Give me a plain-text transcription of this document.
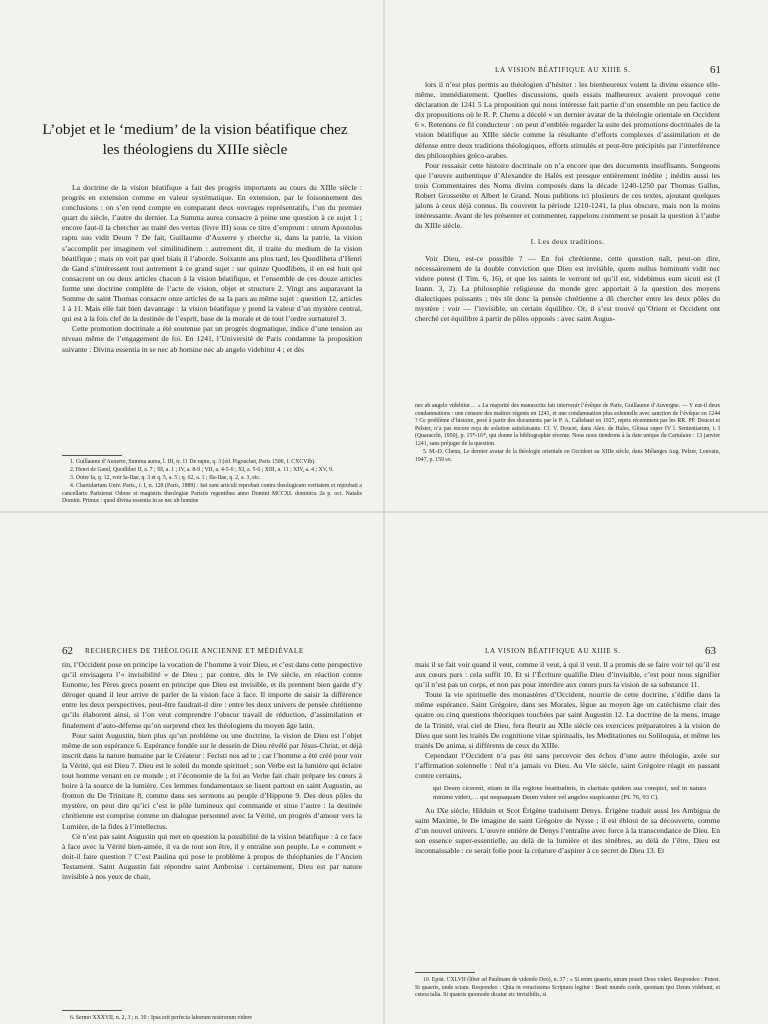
L’objet et le ‘medium’ de la vision béatifique chez les théologiens du XIIIe siècle

La doctrine de la vision béatifique a fait des progrès importants au cours du XIIIe siècle : progrès en extension comme en valeur systématique. En extension, par le foisonnement des conclusions : on s’en rend compte en comparant deux ouvrages représentatifs, l’un du premier quart du siècle, l’autre du dernier. La Summa aurea consacre à peine une question à ce sujet 1 ; encore faut-il la chercher au traité des vertus (livre III) sous ce titre d’emprunt : utrum Apostolus raptu suo vidit Deum ? De fait, Guillaume d’Auxerre y cherche si, dans la patrie, la vision s’accomplit per imaginem vel similitudinem : autrement dit, il traite du medium de la vision béatifique ; mais on voit par quel biais il l’aborde. Soixante ans plus tard, les Quodlibeta d’Henri de Gand s’intéressent tout autrement à ce grand sujet : sur quinze Quodlibets, il en est huit qui consacrent un ou deux articles chacun à la vision béatifique, et l’ensemble de ces douze articles forme une doctrine complète de l’acte de vision, objet et structure 2. Vingt ans auparavant la Somme de saint Thomas consacre onze articles de sa Ia pars au même sujet : question 12, articles 1 à 11. Mais elle fait bien davantage : la vision béatifique y prend la valeur d’un mystère central, qui est à la fois clef de la destinée de l’esprit, base de la morale et de tout l’ordre surnaturel 3.

Cette promotion doctrinale a été soutenue par un progrès dogmatique, indice d’une tension au niveau même de l’engagement de foi. En 1241, l’Université de Paris condamne la proposition suivante : Divina essentia in se nec ab homine nec ab angelo videbitur 4 ; et dès

1. Guillaume d’Auxerre, Summa aurea, l. III, tr. 11 De raptu, q. 3 (éd. Pigouchet, Paris 1500, f. CXCVIb).

2. Henri de Gand, Quodlibet II, a. 7 ; III, a. 1 ; IV, a. 8-9 ; VII, a. 4-5-6 ; XI, a. 5-6 ; XIII, a. 11 ; XIV, a. 4 ; XV, 9.

3. Outre Ia, q. 12, voir Ia-IIae, q. 3 et q. 5, a. 5 ; q. 62, a. 1 ; IIa-IIae, q. 2, a. 3, etc.

4. Chartularium Univ. Paris., t. I, n. 128 (Paris, 1889) : Isti sunt articuli reprobati contra theologicam veritatem et reprobati a cancellario Parisiensi Odone et magistris theologiae Parisiis regentibus anno Domini MCCXL dominica 2a p. oct. Natalis Domini. Primus : quod divina essentia in se nec ab homine

LA VISION BÉATIFIQUE AU XIIIE S.	61

lors il n’est plus permis au théologien d’hésiter : les bienheureux voient la divine essence elle-même, immédiatement. Quelles discussions, quels essais malheureux avaient provoqué cette déclaration de 1241 5 La proposition qui nous intéresse fait partie d’un ensemble un peu factice de dix propositions où le R. P. Chenu a décelé « un dernier avatar de la théologie orientale en Occident 6 ». Retenons ce fil conducteur : on peut d’emblée regarder la suite des promotions doctrinales de la vision béatifique au XIIIe siècle comme la résultante d’efforts complexes d’assimilation et de défense entre deux traditions théologiques, efforts stimulés et peut-être précipités par l’interférence des philosophies gréco-arabes.

Pour ressaisir cette histoire doctrinale on n’a encore que des documents insuffisants. Songeons que l’œuvre authentique d’Alexandre de Halès est presque entièrement inédite ; inédits aussi les trois Commentaires des Noms divins composés dans la décade 1240-1250 par Thomas Gallus, Robert Grossetête et Albert le Grand. Nous publions ici plusieurs de ces textes, ajoutant quelques jalons à ceux déjà connus. Ils couvrent la période 1210-1241, la plus obscure, mais non la moins intéressante. Avant de les présenter et commenter, rappelons comment se posait la question à l’aube du XIIIe siècle.

I. Les deux traditions.

Voir Dieu, est-ce possible ? — En foi chrétienne, cette question naît, peut-on dire, nécessairement de la double conviction que Dieu est invisible, quem nullus hominum vidit nec videre potest (I Tim. 6, 16), et que les saints le verront tel qu’il est, videbimus eum sicuti est (I Ioann. 3, 2). La philosophie religieuse du monde grec apportait à la question des moyens dialectiques puissants ; très tôt donc la pensée chrétienne a dû chercher entre les deux pôles du mystère : voir — l’invisible, un certain équilibre. Or, il s’est trouvé qu’Orient et Occident ont cherché cet équilibre à partir de pôles opposés : avec saint Augus-

nec ab angelo videbitur… » La majorité des manuscrits fait intervenir l’évêque de Paris, Guillaume d’Auvergne. — Y eut-il deux condamnations : une censure des maîtres régents en 1241, et une condamnation plus solennelle avec sanction de l’évêque en 1244 ? Ce problème d’histoire, posé à partir des documents par le P. A. Callebaut en 1927, repris récemment par les RR. PP. Doucet et Pelster, n’a pas encore reçu de solution satisfaisante. Cf. V. Doucet, dans Alex. de Hales, Glossa super IV l. Sententiarum, t. I (Quaracchi, 1950), p. 15*-16*, qui donne la bibliographie récente. Nous nous tiendrons à la date unique du Cartulaire : 13 janvier 1241, sans préjuger de la question.

5. M.-D. Chenu, Le dernier avatar de la théologie orientale en Occident au XIIIe siècle, dans Mélanges Aug. Pelzer, Louvain, 1947, p. 159 sv.

62 RECHERCHES DE THÉOLOGIE ANCIENNE ET MÉDIÉVALE

tin, l’Occident pose en principe la vocation de l’homme à voir Dieu, et c’est dans cette perspective qu’il envisagera l’« invisibilité » de Dieu ; par contre, dès le IVe siècle, en réaction contre Eunome, les Pères grecs posent en principe que Dieu est invisible, et ils prennent bien garde d’y déroger quand il leur arrive de parler de la vision face à face. Il importe de saisir la différence entre les deux perspectives, peut-être faudrait-il dire : entre les deux univers de pensée chrétienne qu’ils élaborent ainsi, si l’on veut comprendre l’obscur travail de réduction, d’assimilation et finalement d’auto-défense qu’on surprend chez les théologiens du moyen âge latin.

Pour saint Augustin, bien plus qu’un problème ou une doctrine, la vision de Dieu est l’objet même de son espérance 6. Espérance fondée sur le dessein de Dieu révélé par Jésus-Christ, et déjà inscrit dans la nature humaine par le Créateur : Fecisti nos ad te ; car l’homme a été créé pour voir la Vérité, qui est Dieu 7. Dieu est le soleil du monde spirituel ; son Verbe est la lumière qui éclaire tout homme venant en ce monde ; et l’économie de la foi au Verbe fait chair prépare les cœurs à boire à la source de la lumière. Ces lemmes fondamentaux se lisent partout en saint Augustin, au fronton du De Trinitate 8, comme dans ses sermons au peuple d’Hippone 9. Des deux pôles du mystère, on peut dire qu’ici c’est le pôle lumineux qui commande et situe l’autre : la destinée chrétienne est comprise comme un dialogue personnel avec la Vérité, un progrès d’amour vers la Lumière, de la fides à l’intellectus.

Ce n’est pas saint Augustin qui met en question la possibilité de la vision béatifique : à ce face à face avec la Vérité bien-aimée, il va de tout son être, il y entraîne son peuple. Le « comment » doit-il faire question ? C’est Paulina qui pose le problème à propos de théophanies de l’Ancien Testament. Saint Augustin fait répondre saint Ambroise : certainement, Dieu est par nature invisible à nos yeux de chair,

6. Sermo XXXVII, n. 2, 3 ; n. 30 : Ipsa erit perfecta laborum nostrorum videre

LA VISION BÉATIFIQUE AU XIIIE S.	63

mais il se fait voir quand il veut, comme il veut, à qui il veut. Il a promis de se faire voir tel qu’il est aux cœurs purs : cela suffit 10. Et si l’Écriture qualifie Dieu d’invisible, c’est pour nous signifier qu’il n’est pas un corps, et non pas pour interdire aux cœurs purs la vision de sa substance 11.

Toute la vie spirituelle des monastères d’Occident, nourrie de cette doctrine, s’édifie dans la même espérance. Saint Grégoire, dans ses Morales, lègue au moyen âge un catéchisme clair des quatre ou cinq questions théoriques touchées par saint Augustin 12. La doctrine de la mens, image de la Trinité, vrai ciel de Dieu, fera fleurir au XIIe siècle ces exercices préparatoires à la vision de Dieu que sont les traités De cognitione vitae spiritualis, les Meditationes ou Soliloquia, et même les traités De anima, si différents de ceux du XIIIe.

Cependant l’Occident n’a pas été sans percevoir des échos d’une autre théologie, axée sur l’affirmation solennelle : Nul n’a jamais vu Dieu. Au VIe siècle, saint Grégoire réagit en passant contre certains,

qui Deum cicerent, etiam in illa regione beatitudinis, in claritate quidem sua conspici, sed in natura minime videri,… qui nequaquam Deum videre vel angelos suspicantur (PL 76, 93 C).

Au IXe siècle, Hilduin et Scot Érigène traduisent Denys. Érigène traduit aussi les Ambigua de saint Maxime, le De imagine de saint Grégoire de Nysse ; il est ébloui de sa découverte, comme d’un nouvel univers. L’œuvre entière de Denys l’entraîne avec force à la transcendance de Dieu. En son essence super-essentielle, au delà de la lumière et des ténèbres, au delà de l’être, Dieu est inconnaissable : ce serait folie pour la créature d’aspirer à ce secret de Dieu 13. Et

10. Epist. CXLVII (liber ad Paulinam de videndo Deo), n. 37 : « Si enim quaeris, utrum possit Deus videri. Respondeo : Potest. Si quaeris, unde sciam. Respondeo : Quia in veracissima Scriptura legitur : Beati mundo corde, quoniam ipsi Deum videbunt, et cetera talia. Si quaeris quomodo dicatur etc invisibilis, si
